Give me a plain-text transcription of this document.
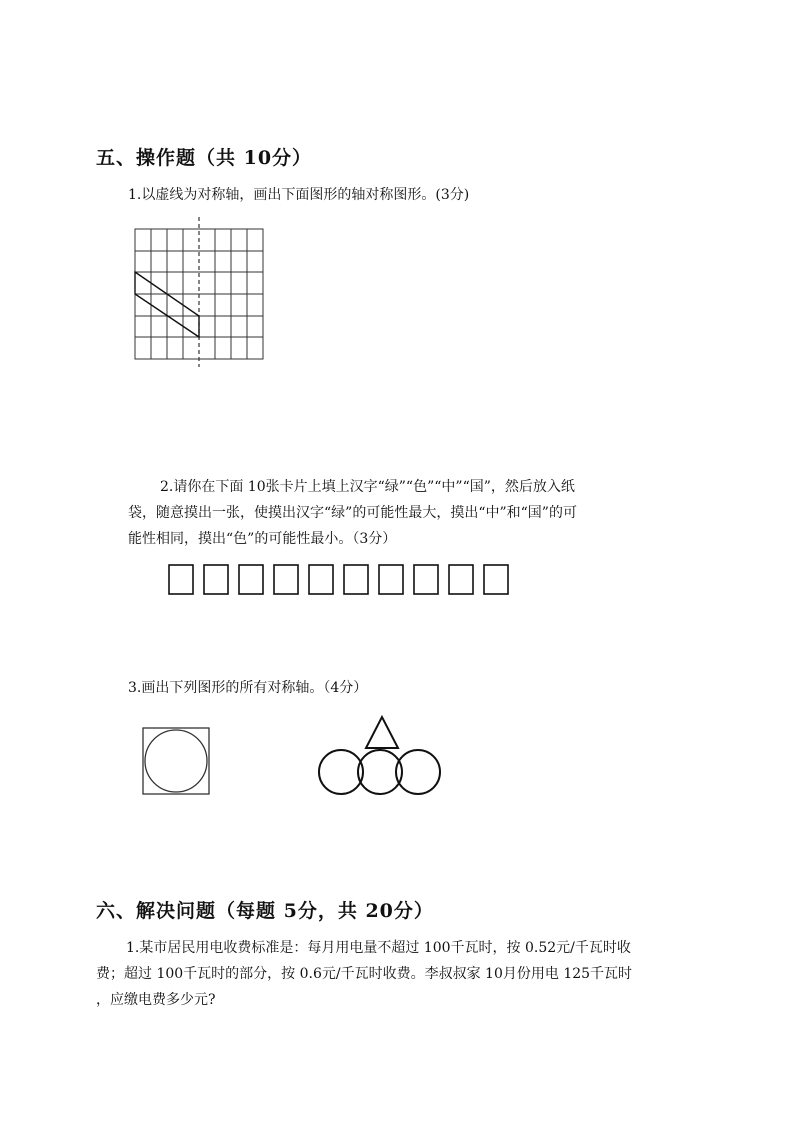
五、操作题（共 10分）
1.以虚线为对称轴，画出下面图形的轴对称图形。(3分)
2.请你在下面 10张卡片上填上汉字“绿”“色”“中”“国”，然后放入纸
袋，随意摸出一张，使摸出汉字“绿”的可能性最大，摸出“中”和“国”的可
能性相同，摸出“色”的可能性最小。（3分）
3.画出下列图形的所有对称轴。（4分）
六、解决问题（每题 5分，共 20分）
1.某市居民用电收费标准是：每月用电量不超过 100千瓦时，按 0.52元/千瓦时收
费；超过 100千瓦时的部分，按 0.6元/千瓦时收费。李叔叔家 10月份用电 125千瓦时
，应缴电费多少元?
